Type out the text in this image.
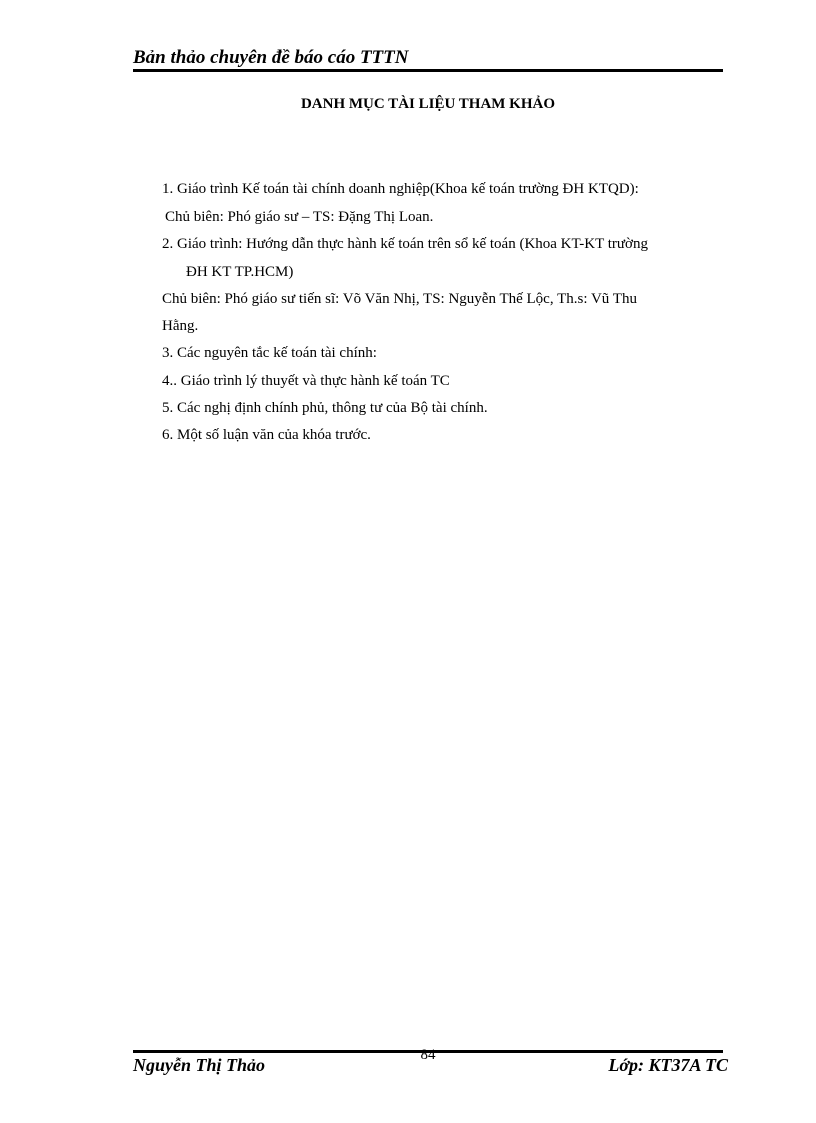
Bản thảo chuyên đề báo cáo TTTN
DANH MỤC TÀI LIỆU THAM KHẢO
1. Giáo trình Kế toán tài chính doanh nghiệp(Khoa kế toán trường ĐH KTQD):
Chủ biên: Phó giáo sư – TS: Đặng Thị Loan.
2. Giáo trình: Hướng dẫn thực hành kế toán trên sổ kế toán (Khoa KT-KT trường
ĐH KT TP.HCM)
Chủ biên: Phó giáo sư tiến sĩ: Võ Văn Nhị, TS: Nguyễn Thế Lộc, Th.s: Vũ Thu
Hằng.
3. Các nguyên tắc kế toán tài chính:
4.. Giáo trình lý thuyết và thực hành kế toán TC
5. Các nghị định chính phủ, thông tư của Bộ tài chính.
6. Một số luận văn của khóa trước.
Nguyễn Thị Thảo	84	Lớp: KT37A TC
